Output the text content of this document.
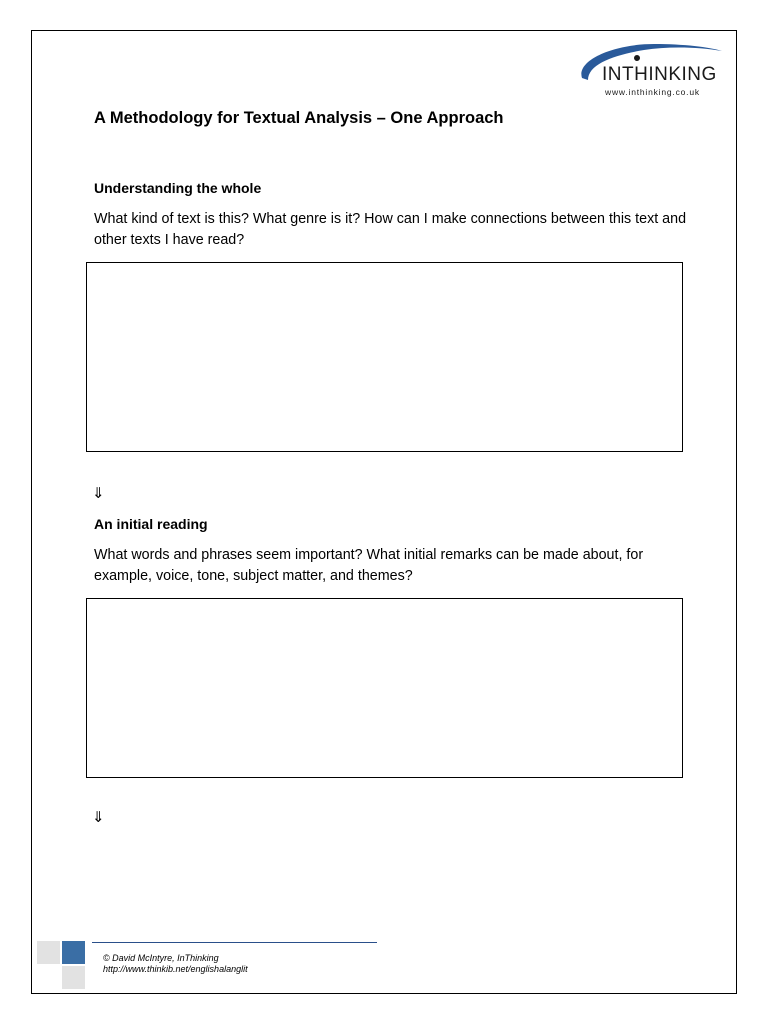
INTHINKING
www.inthinking.co.uk
A Methodology for Textual Analysis – One Approach
Understanding the whole

What kind of text is this? What genre is it? How can I make connections between this text and other texts I have read?

⇓
An initial reading

What words and phrases seem important? What initial remarks can be made about, for example, voice, tone, subject matter, and themes?

⇓
© David McIntyre, InThinking
http://www.thinkib.net/englishalanglit
